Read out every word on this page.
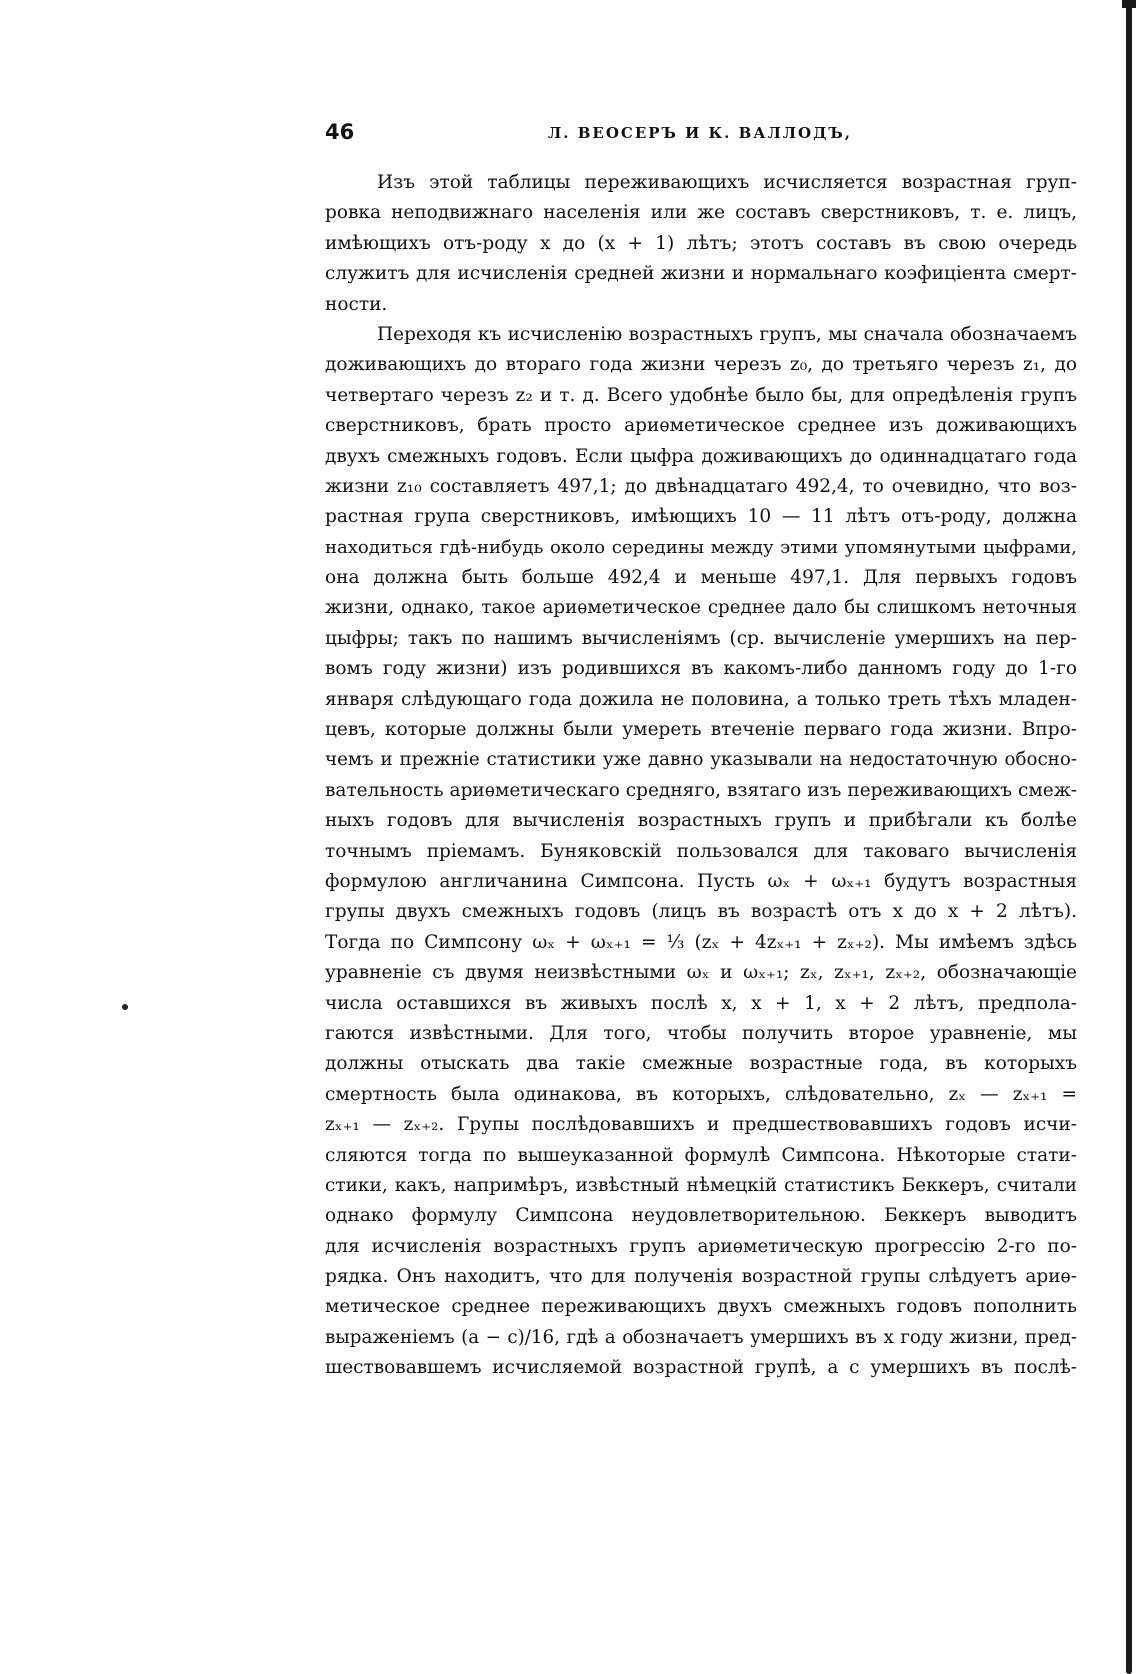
46	Л. ВЕОСЕРЪ И К. ВАЛЛОДЪ,
Изъ этой таблицы переживающихъ исчисляется возрастная груп-
ровка неподвижнаго населенія или же составъ сверстниковъ, т. е. лицъ,
имѣющихъ отъ-роду x до (x + 1) лѣтъ; этотъ составъ въ свою очередь
служитъ для исчисленія средней жизни и нормальнаго коэфиціента смерт-
ности.
Переходя къ исчисленію возрастныхъ групъ, мы сначала обозначаемъ
доживающихъ до втораго года жизни черезъ z₀, до третьяго черезъ z₁, до
четвертаго черезъ z₂ и т. д. Всего удобнѣе было бы, для опредѣленія групъ
сверстниковъ, брать просто ариѳметическое среднее изъ доживающихъ
двухъ смежныхъ годовъ. Если цыфра доживающихъ до одиннадцатаго года
жизни z₁₀ составляетъ 497,1; до двѣнадцатаго 492,4, то очевидно, что воз-
растная група сверстниковъ, имѣющихъ 10 — 11 лѣтъ отъ-роду, должна
находиться гдѣ-нибудь около середины между этими упомянутыми цыфрами,
она должна быть больше 492,4 и меньше 497,1. Для первыхъ годовъ
жизни, однако, такое ариѳметическое среднее дало бы слишкомъ неточныя
цыфры; такъ по нашимъ вычисленіямъ (ср. вычисленіе умершихъ на пер-
вомъ году жизни) изъ родившихся въ какомъ-либо данномъ году до 1-го
января слѣдующаго года дожила не половина, а только треть тѣхъ младен-
цевъ, которые должны были умереть втеченіе перваго года жизни. Впро-
чемъ и прежніе статистики уже давно указывали на недостаточную обосно-
вательность ариѳметическаго средняго, взятаго изъ переживающихъ смеж-
ныхъ годовъ для вычисленія возрастныхъ групъ и прибѣгали къ болѣе
точнымъ пріемамъ. Буняковскій пользовался для таковаго вычисленія
формулою англичанина Симпсона. Пусть ωₓ + ωₓ₊₁ будутъ возрастныя
групы двухъ смежныхъ годовъ (лицъ въ возрастѣ отъ x до x + 2 лѣтъ).
Тогда по Симпсону ωₓ + ωₓ₊₁ = ⅓ (zₓ + 4zₓ₊₁ + zₓ₊₂). Мы имѣемъ здѣсь
уравненіе съ двумя неизвѣстными ωₓ и ωₓ₊₁; zₓ, zₓ₊₁, zₓ₊₂, обозначающіе
числа оставшихся въ живыхъ послѣ x, x + 1, x + 2 лѣтъ, предпола-
гаются извѣстными. Для того, чтобы получить второе уравненіе, мы
должны отыскать два такіе смежные возрастные года, въ которыхъ
смертность была одинакова, въ которыхъ, слѣдовательно, zₓ — zₓ₊₁ =
zₓ₊₁ — zₓ₊₂. Групы послѣдовавшихъ и предшествовавшихъ годовъ исчи-
сляются тогда по вышеуказанной формулѣ Симпсона. Нѣкоторые стати-
стики, какъ, напримѣръ, извѣстный нѣмецкій статистикъ Беккеръ, считали
однако формулу Симпсона неудовлетворительною. Беккеръ выводитъ
для исчисленія возрастныхъ групъ ариѳметическую прогрессію 2-го по-
рядка. Онъ находитъ, что для полученія возрастной групы слѣдуетъ ариѳ-
метическое среднее переживающихъ двухъ смежныхъ годовъ пополнить
выраженіемъ (a − c)/16, гдѣ a обозначаетъ умершихъ въ x году жизни, пред-
шествовавшемъ исчисляемой возрастной групѣ, а c умершихъ въ послѣ-
